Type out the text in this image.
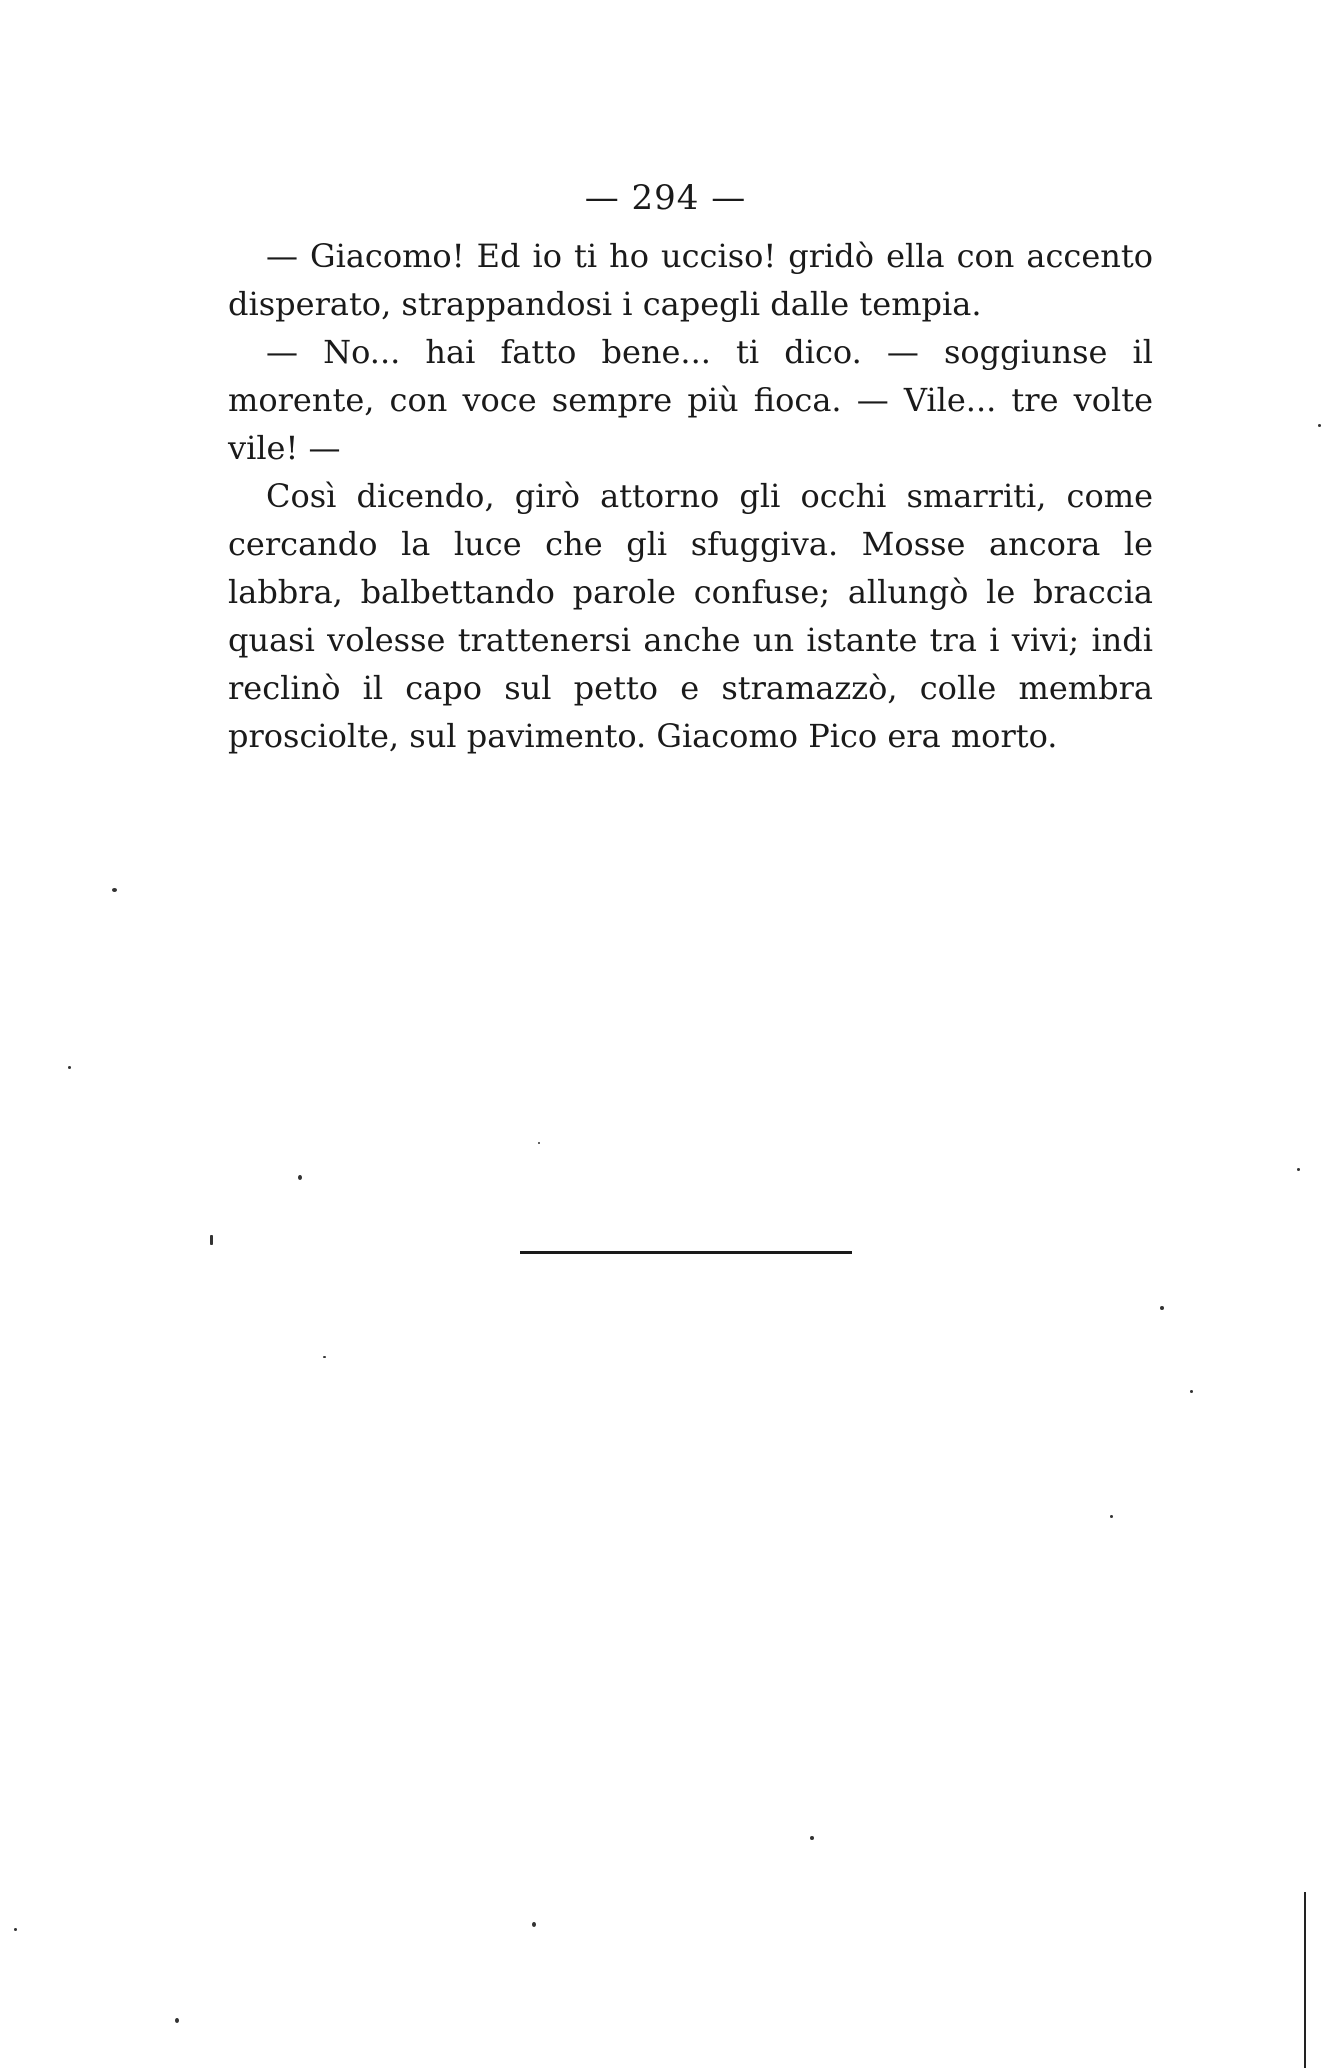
— 294 —

— Giacomo! Ed io ti ho ucciso! gridò ella con accento disperato, strappandosi i capegli dalle tempia.

— No... hai fatto bene... ti dico. — soggiunse il morente, con voce sempre più fioca. — Vile... tre volte vile! —

Così dicendo, girò attorno gli occhi smarriti, come cercando la luce che gli sfuggiva. Mosse ancora le labbra, balbettando parole confuse; allungò le braccia quasi volesse trattenersi anche un istante tra i vivi; indi reclinò il capo sul petto e stramazzò, colle membra prosciolte, sul pavimento. Giacomo Pico era morto.
